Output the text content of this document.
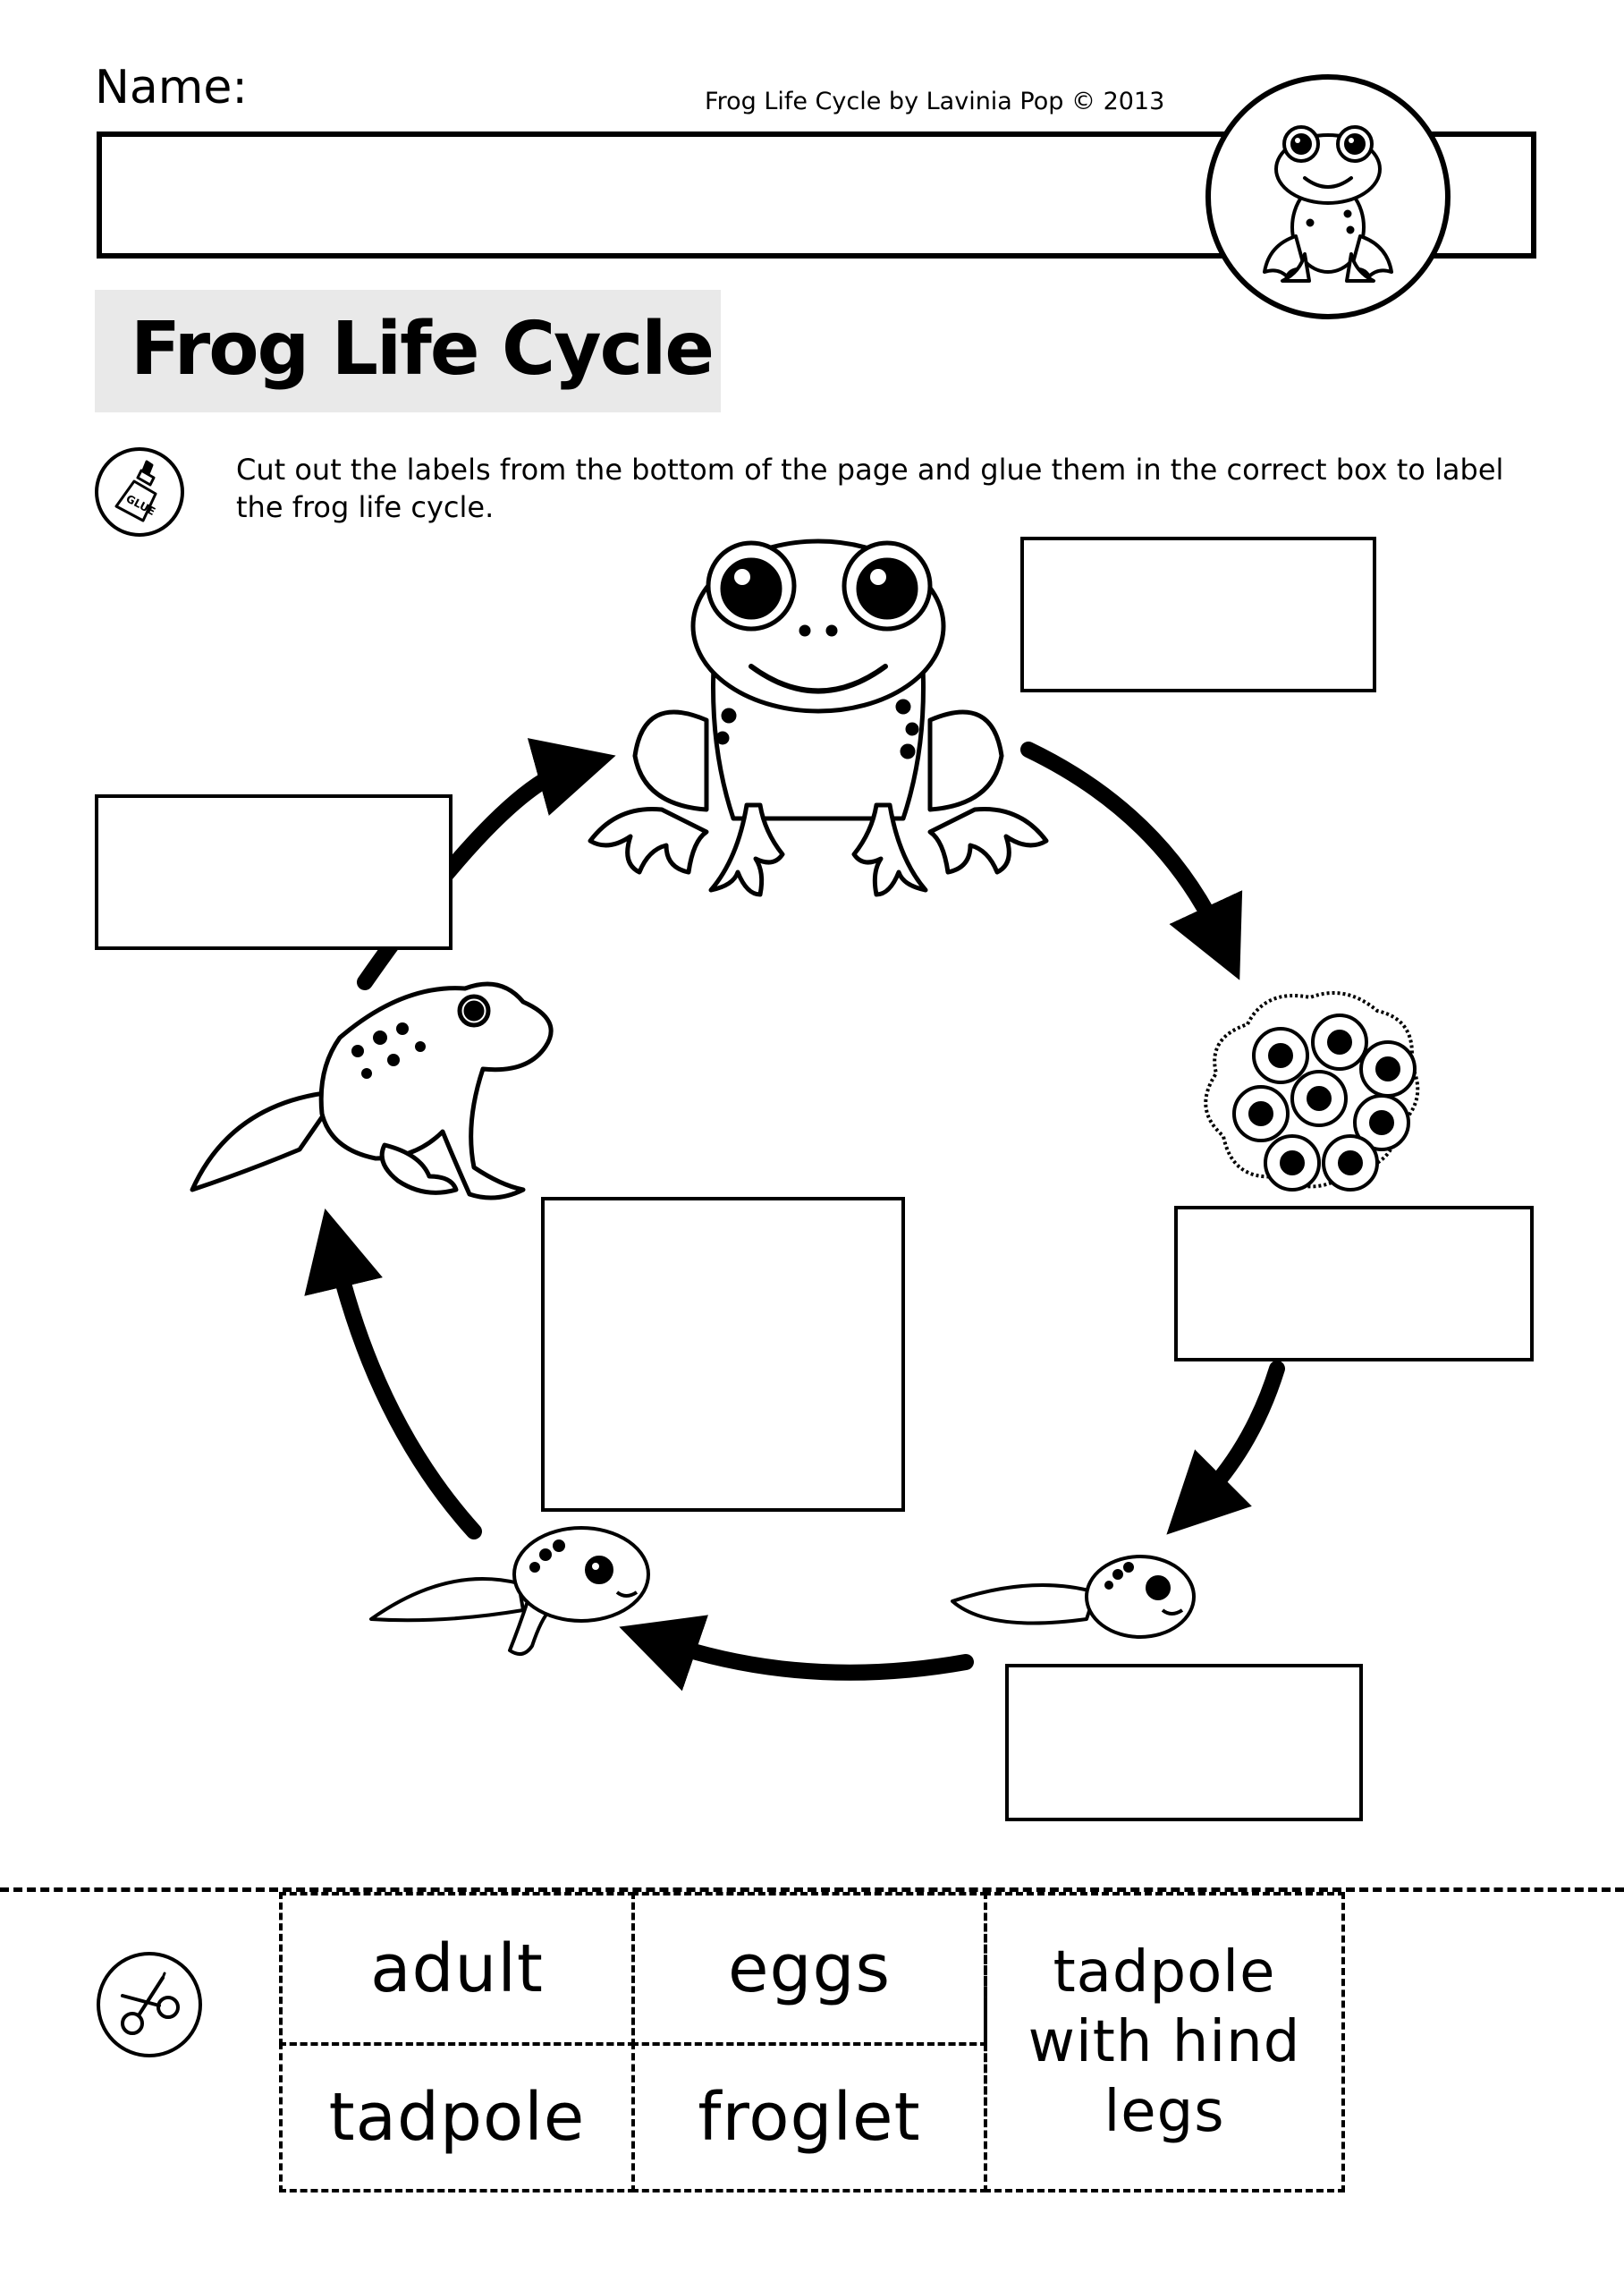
Name:	Frog Life Cycle by Lavinia Pop © 2013
Frog Life Cycle
GLUE
Cut out the labels from the bottom of the page and glue them in the correct box to label the frog life cycle.
adult	eggs	tadpole with hind legs
tadpole	froglet
